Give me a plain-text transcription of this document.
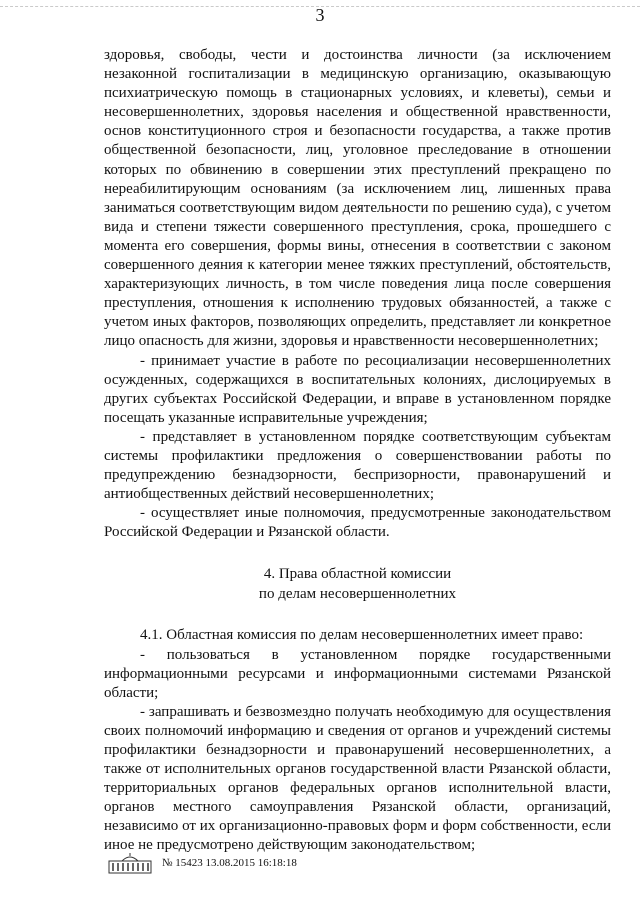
3

здоровья, свободы, чести и достоинства личности (за исключением незаконной госпитализации в медицинскую организацию, оказывающую психиатрическую помощь в стационарных условиях, и клеветы), семьи и несовершеннолетних, здоровья населения и общественной нравственности, основ конституционного строя и безопасности государства, а также против общественной безопасности, лиц, уголовное преследование в отношении которых по обвинению в совершении этих преступлений прекращено по нереабилитирующим основаниям (за исключением лиц, лишенных права заниматься соответствующим видом деятельности по решению суда), с учетом вида и степени тяжести совершенного преступления, срока, прошедшего с момента его совершения, формы вины, отнесения в соответствии с законом совершенного деяния к категории менее тяжких преступлений, обстоятельств, характеризующих личность, в том числе поведения лица после совершения преступления, отношения к исполнению трудовых обязанностей, а также с учетом иных факторов, позволяющих определить, представляет ли конкретное лицо опасность для жизни, здоровья и нравственности несовершеннолетних;

- принимает участие в работе по ресоциализации несовершеннолетних осужденных, содержащихся в воспитательных колониях, дислоцируемых в других субъектах Российской Федерации, и вправе в установленном порядке посещать указанные исправительные учреждения;

- представляет в установленном порядке соответствующим субъектам системы профилактики предложения о совершенствовании работы по предупреждению безнадзорности, беспризорности, правонарушений и антиобщественных действий несовершеннолетних;

- осуществляет иные полномочия, предусмотренные законодательством Российской Федерации и Рязанской области.

4. Права областной комиссии
по делам несовершеннолетних

4.1. Областная комиссия по делам несовершеннолетних имеет право:

- пользоваться в установленном порядке государственными информационными ресурсами и информационными системами Рязанской области;

- запрашивать и безвозмездно получать необходимую для осуществления своих полномочий информацию и сведения от органов и учреждений системы профилактики безнадзорности и правонарушений несовершеннолетних, а также от исполнительных органов государственной власти Рязанской области, территориальных органов федеральных органов исполнительной власти, органов местного самоуправления Рязанской области, организаций, независимо от их организационно-правовых форм и форм собственности, если иное не предусмотрено действующим законодательством;

№ 15423 13.08.2015 16:18:18
